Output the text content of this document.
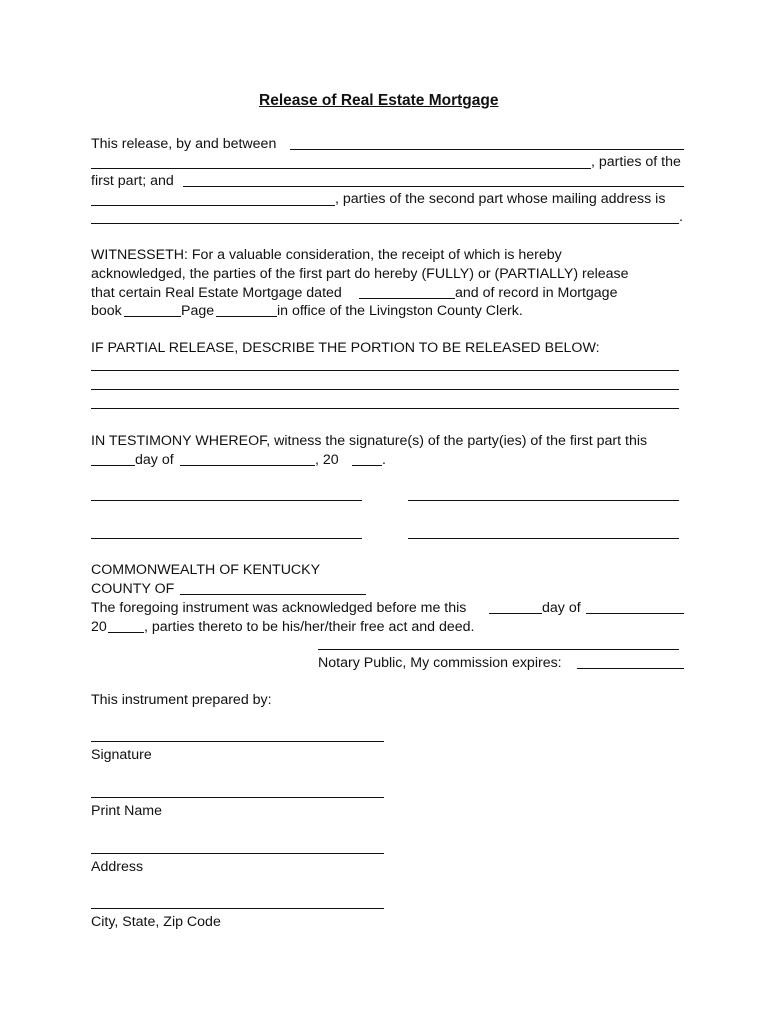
Release of Real Estate Mortgage
This release, by and between
, parties of the
first part; and
, parties of the second part whose mailing address is
.
WITNESSETH: For a valuable consideration, the receipt of which is hereby
acknowledged, the parties of the first part do hereby (FULLY) or (PARTIALLY) release
that certain Real Estate Mortgage dated	and of record in Mortgage
book	Page	in office of the Livingston County Clerk.
IF PARTIAL RELEASE, DESCRIBE THE PORTION TO BE RELEASED BELOW:
IN TESTIMONY WHEREOF, witness the signature(s) of the party(ies) of the first part this
day of	, 20	.
COMMONWEALTH OF KENTUCKY
COUNTY OF
The foregoing instrument was acknowledged before me this	day of
20	, parties thereto to be his/her/their free act and deed.
Notary Public, My commission expires:
This instrument prepared by:
Signature
Print Name
Address
City, State, Zip Code
